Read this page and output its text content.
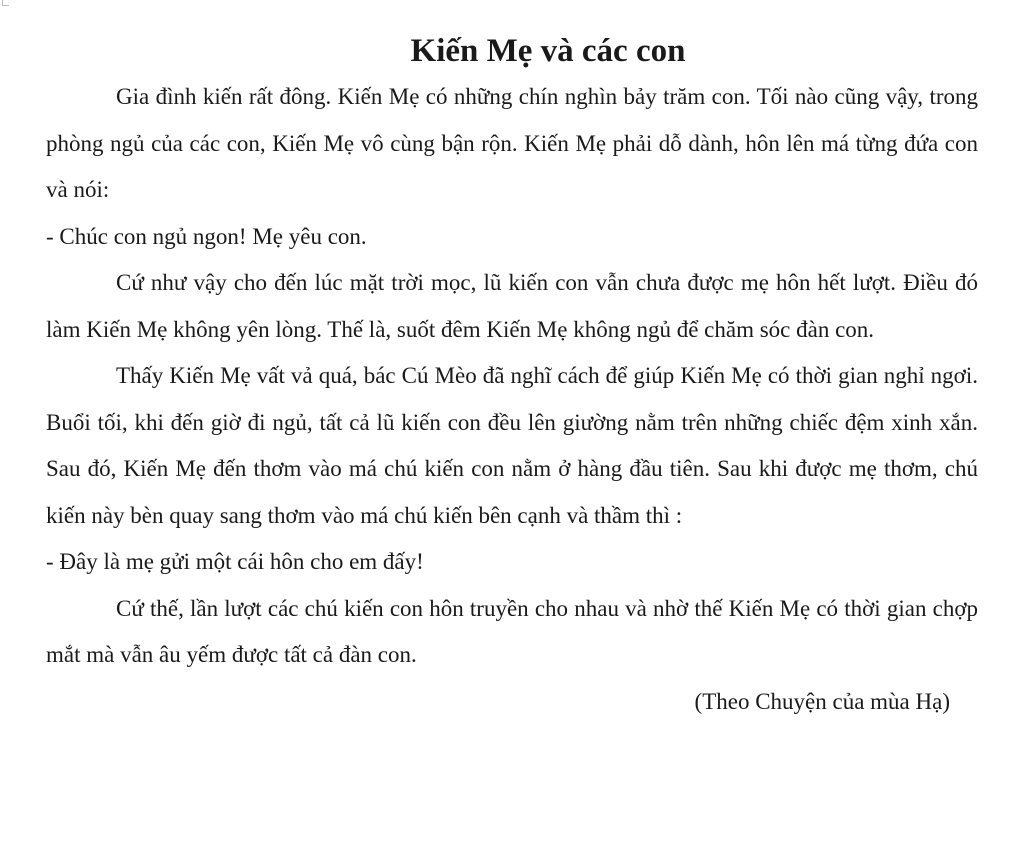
Kiến Mẹ và các con

Gia đình kiến rất đông. Kiến Mẹ có những chín nghìn bảy trăm con. Tối nào cũng vậy, trong phòng ngủ của các con, Kiến Mẹ vô cùng bận rộn. Kiến Mẹ phải dỗ dành, hôn lên má từng đứa con và nói:

- Chúc con ngủ ngon! Mẹ yêu con.

Cứ như vậy cho đến lúc mặt trời mọc, lũ kiến con vẫn chưa được mẹ hôn hết lượt. Điều đó làm Kiến Mẹ không yên lòng. Thế là, suốt đêm Kiến Mẹ không ngủ để chăm sóc đàn con.

Thấy Kiến Mẹ vất vả quá, bác Cú Mèo đã nghĩ cách để giúp Kiến Mẹ có thời gian nghỉ ngơi. Buổi tối, khi đến giờ đi ngủ, tất cả lũ kiến con đều lên giường nằm trên những chiếc đệm xinh xắn. Sau đó, Kiến Mẹ đến thơm vào má chú kiến con nằm ở hàng đầu tiên. Sau khi được mẹ thơm, chú kiến này bèn quay sang thơm vào má chú kiến bên cạnh và thầm thì :

- Đây là mẹ gửi một cái hôn cho em đấy!

Cứ thế, lần lượt các chú kiến con hôn truyền cho nhau và nhờ thế Kiến Mẹ có thời gian chợp mắt mà vẫn âu yếm được tất cả đàn con.

(Theo Chuyện của mùa Hạ)
